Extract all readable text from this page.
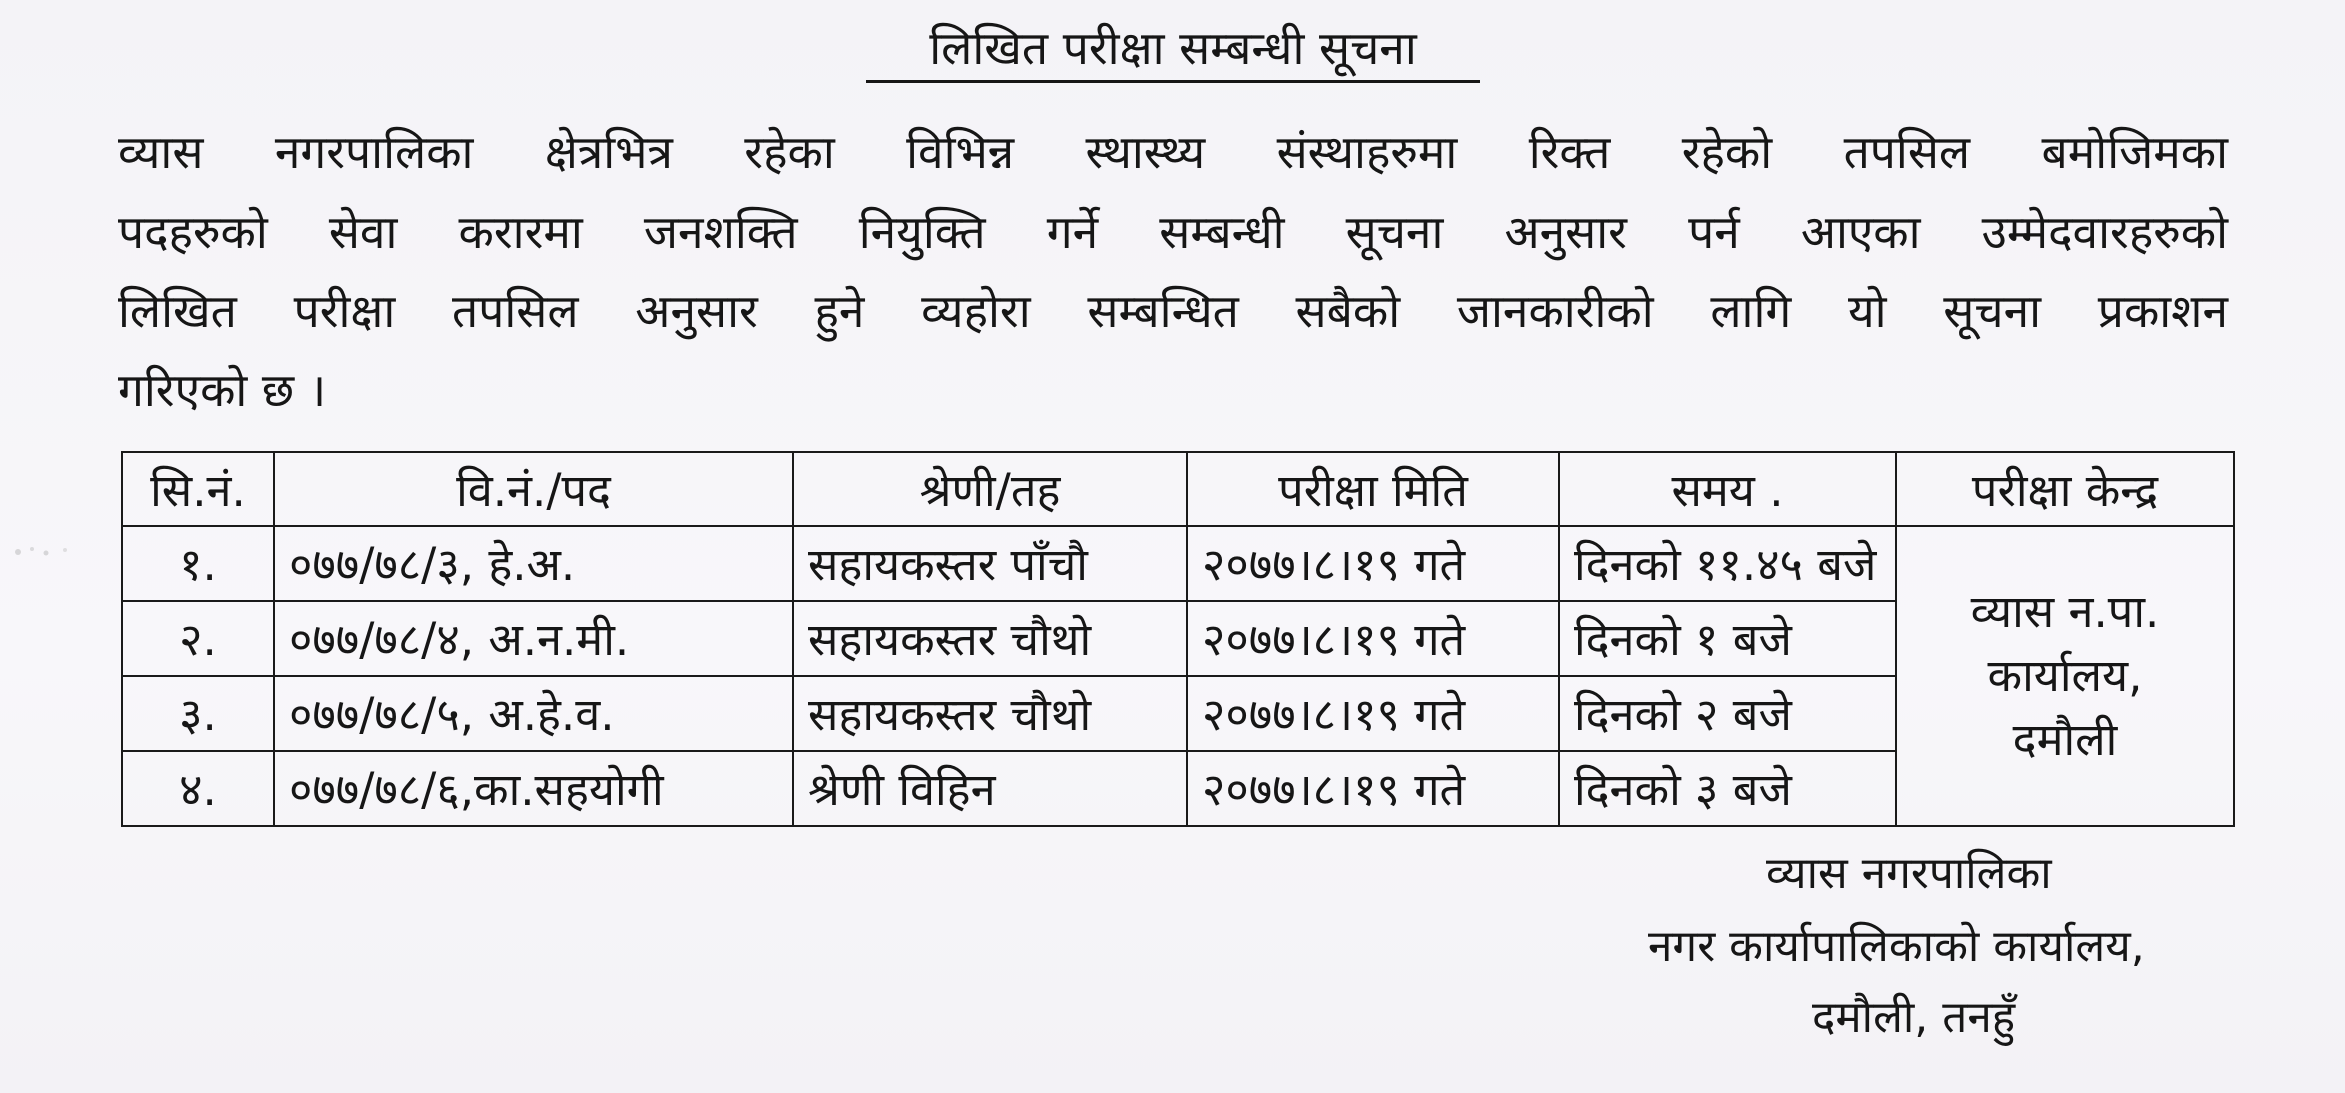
लिखित परीक्षा सम्बन्धी सूचना
व्यास नगरपालिका क्षेत्रभित्र रहेका विभिन्न स्थास्थ्य संस्थाहरुमा रिक्त रहेको तपसिल बमोजिमका
पदहरुको सेवा करारमा जनशक्ति नियुक्ति गर्ने सम्बन्धी सूचना अनुसार पर्न आएका उम्मेदवारहरुको
लिखित परीक्षा तपसिल अनुसार हुने व्यहोरा सम्बन्धित सबैको जानकारीको लागि यो सूचना प्रकाशन
गरिएको छ ।
सि.नं.	वि.नं./पद	श्रेणी/तह	परीक्षा मिति	समय .	परीक्षा केन्द्र
१.	०७७/७८/३, हे.अ.	सहायकस्तर पाँचौ	२०७७।८।१९ गते	दिनको ११.४५ बजे	व्यास न.पा.
कार्यालय,
दमौली

२.	०७७/७८/४, अ.न.मी.	सहायकस्तर चौथो	२०७७।८।१९ गते	दिनको १ बजे	
३.	०७७/७८/५, अ.हे.व.	सहायकस्तर चौथो	२०७७।८।१९ गते	दिनको २ बजे	
४.	०७७/७८/६,का.सहयोगी	श्रेणी विहिन	२०७७।८।१९ गते	दिनको ३ बजे	
व्यास नगरपालिका
नगर कार्यापालिकाको कार्यालय,
दमौली, तनहुँ
